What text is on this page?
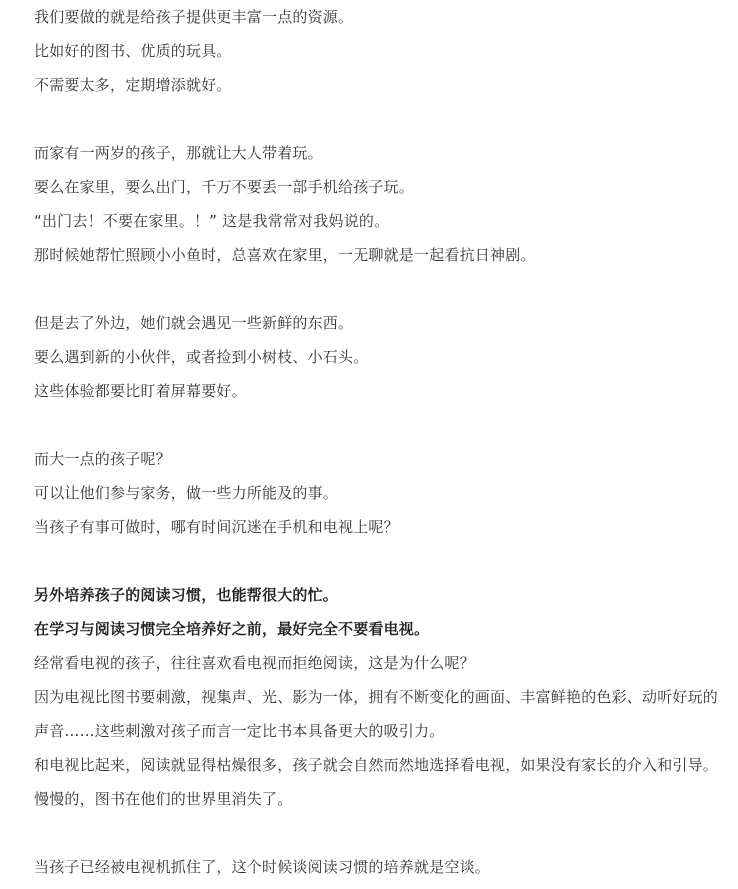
我们要做的就是给孩子提供更丰富一点的资源。
比如好的图书、优质的玩具。
不需要太多，定期增添就好。
而家有一两岁的孩子，那就让大人带着玩。
要么在家里，要么出门，千万不要丢一部手机给孩子玩。
“出门去！不要在家里。！” 这是我常常对我妈说的。
那时候她帮忙照顾小小鱼时，总喜欢在家里，一无聊就是一起看抗日神剧。
但是去了外边，她们就会遇见一些新鲜的东西。
要么遇到新的小伙伴，或者捡到小树枝、小石头。
这些体验都要比盯着屏幕要好。
而大一点的孩子呢？
可以让他们参与家务，做一些力所能及的事。
当孩子有事可做时，哪有时间沉迷在手机和电视上呢？
另外培养孩子的阅读习惯，也能帮很大的忙。
在学习与阅读习惯完全培养好之前，最好完全不要看电视。
经常看电视的孩子，往往喜欢看电视而拒绝阅读，这是为什么呢？
因为电视比图书要刺激，视集声、光、影为一体，拥有不断变化的画面、丰富鲜艳的色彩、动听好玩的声音……这些刺激对孩子而言一定比书本具备更大的吸引力。
和电视比起来，阅读就显得枯燥很多，孩子就会自然而然地选择看电视，如果没有家长的介入和引导。慢慢的，图书在他们的世界里消失了。
当孩子已经被电视机抓住了，这个时候谈阅读习惯的培养就是空谈。
